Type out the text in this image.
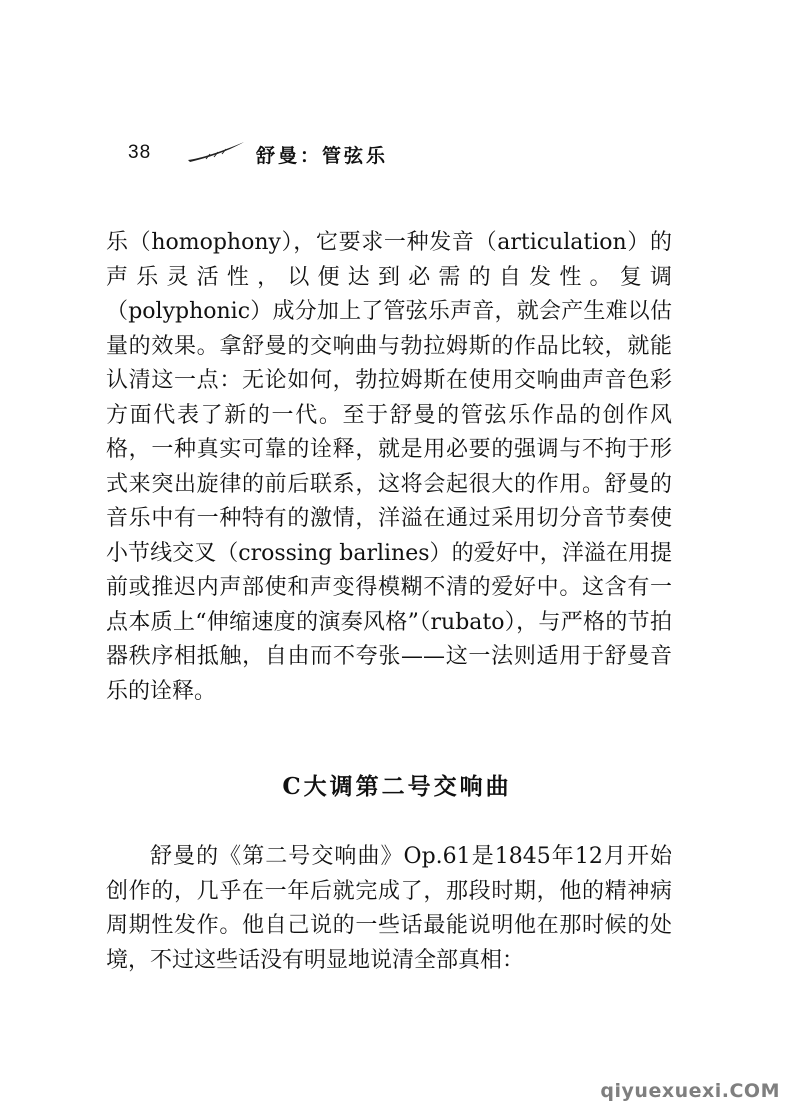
38	舒曼：管弦乐

乐（homophony），它要求一种发音（articulation）的声乐灵活性，以便达到必需的自发性。复调（polyphonic）成分加上了管弦乐声音，就会产生难以估量的效果。拿舒曼的交响曲与勃拉姆斯的作品比较，就能认清这一点：无论如何，勃拉姆斯在使用交响曲声音色彩方面代表了新的一代。至于舒曼的管弦乐作品的创作风格，一种真实可靠的诠释，就是用必要的强调与不拘于形式来突出旋律的前后联系，这将会起很大的作用。舒曼的音乐中有一种特有的激情，洋溢在通过采用切分音节奏使小节线交叉（crossing barlines）的爱好中，洋溢在用提前或推迟内声部使和声变得模糊不清的爱好中。这含有一点本质上“伸缩速度的演奏风格”（rubato），与严格的节拍器秩序相抵触，自由而不夸张——这一法则适用于舒曼音乐的诠释。

C大调第二号交响曲

舒曼的《第二号交响曲》Op.61是1845年12月开始创作的，几乎在一年后就完成了，那段时期，他的精神病周期性发作。他自己说的一些话最能说明他在那时候的处境，不过这些话没有明显地说清全部真相：

qiyuexuexi.COM
